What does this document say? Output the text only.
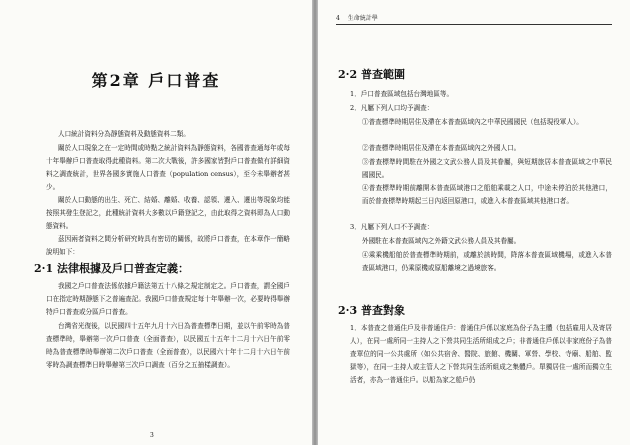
第2章 戶口普查
人口統計資料分為靜態資料及動態資料二類。
關於人口現象之在一定時間或時點之統計資料為靜態資料，各國普查通每年或每十年舉辦戶口普查取得此種資料。第二次大戰後，許多國家皆對戶口普查做有詳細資料之調查統計，世界各國多實施人口普查（population census），至今未舉辦者甚少。
關於人口動態的出生、死亡、結婚、離婚、收養、認領、遷入、遷出等現象均能按照其發生登記之，此種統計資料大多數以戶籍登記之，由此取得之資料即為人口動態資料。
茲因兩者資料之間分析研究時具有密切的關係，故將戶口普查，在本章作一簡略說明如下：
2·1 法律根據及戶口普查定義：
我國之戶口普查法係依據戶籍法第五十八條之規定制定之。戶口普查，謂全國戶口在指定時期靜態下之普遍查記。我國戶口普查規定每十年舉辦一次，必要時得舉辦特戶口普查或分區戶口普查。
台灣省光復後，以民國四十五年九月十六日為普查標準日期，並以午前零時為普查標準時，舉辦第一次戶口普查（全面普查），以民國五十五年十二月十六日午前零時為普查標準時舉辦第二次戶口普查（全面普查），以民國六十年十二月十六日午前零時為調查標準日時舉辦第三次戶口調查（百分之五抽樣調查）。
3
4 生命統計學
2·2 普查範圍
1．戶口普查區域包括台灣地區等。
2．凡屬下列人口均予調查：
①普查標準時期居住及滯在本普查區域內之中華民國國民（包括現役軍人）。
②普查標準時期居住及滯在本普查區域內之外國人口。
③普查標準時間駐在外國之文武公務人員及其眷屬，與短期旅居本普查區域之中華民國國民。
④普查標準時期前離開本普查區域港口之船舶乘載之人口，中途未停泊於其他港口，而於普查標準時期起三日內返回原港口，或進入本普查區域其他港口者。
3．凡屬下列人口不予調查：
外國駐在本普查區域內之外籍文武公務人員及其眷屬。
④乘乘機船舶於普查標準時期前，或離於該時間，降落本普查區域機場，或進入本普查區域港口，仍乘原機或原船離境之過境旅客。
2·3 普查對象
1．本普查之普通住戶及非普通住戶：普通住戶係以家庭為份子為主體（包括雇用人及寄居人），在同一處所同一主持人之下營共同生活所組成之戶；非普通住戶係以非家庭份子為普查單位的同一公共處所（如公共宿舍、醫院、旅館、機關、軍營、學校、寺廟、船舶、監獄等），在同一主持人或主管人之下營共同生活所組成之集體戶。單獨居住一處所而獨立生活者，亦為一普通住戶。以船為家之船戶仍
